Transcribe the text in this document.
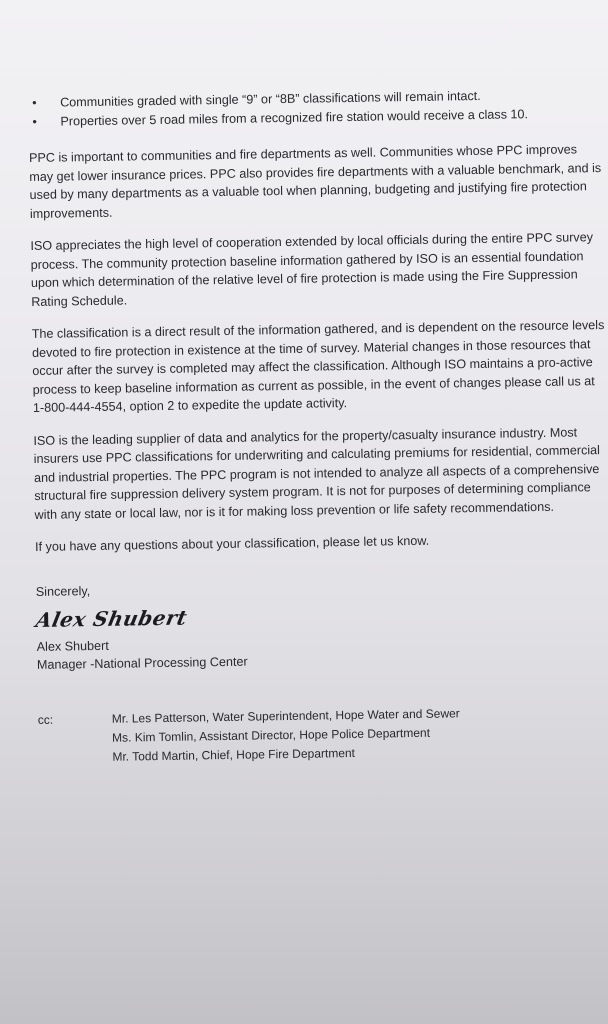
• Communities graded with single “9” or “8B” classifications will remain intact.
• Properties over 5 road miles from a recognized fire station would receive a class 10.

PPC is important to communities and fire departments as well. Communities whose PPC improves may get lower insurance prices. PPC also provides fire departments with a valuable benchmark, and is used by many departments as a valuable tool when planning, budgeting and justifying fire protection improvements.

ISO appreciates the high level of cooperation extended by local officials during the entire PPC survey process. The community protection baseline information gathered by ISO is an essential foundation upon which determination of the relative level of fire protection is made using the Fire Suppression Rating Schedule.

The classification is a direct result of the information gathered, and is dependent on the resource levels devoted to fire protection in existence at the time of survey. Material changes in those resources that occur after the survey is completed may affect the classification. Although ISO maintains a pro-active process to keep baseline information as current as possible, in the event of changes please call us at 1-800-444-4554, option 2 to expedite the update activity.

ISO is the leading supplier of data and analytics for the property/casualty insurance industry. Most insurers use PPC classifications for underwriting and calculating premiums for residential, commercial and industrial properties. The PPC program is not intended to analyze all aspects of a comprehensive structural fire suppression delivery system program. It is not for purposes of determining compliance with any state or local law, nor is it for making loss prevention or life safety recommendations.

If you have any questions about your classification, please let us know.

Sincerely,

Alex Shubert

Alex Shubert

Manager -National Processing Center

cc:	Mr. Les Patterson, Water Superintendent, Hope Water and Sewer
Ms. Kim Tomlin, Assistant Director, Hope Police Department
Mr. Todd Martin, Chief, Hope Fire Department
